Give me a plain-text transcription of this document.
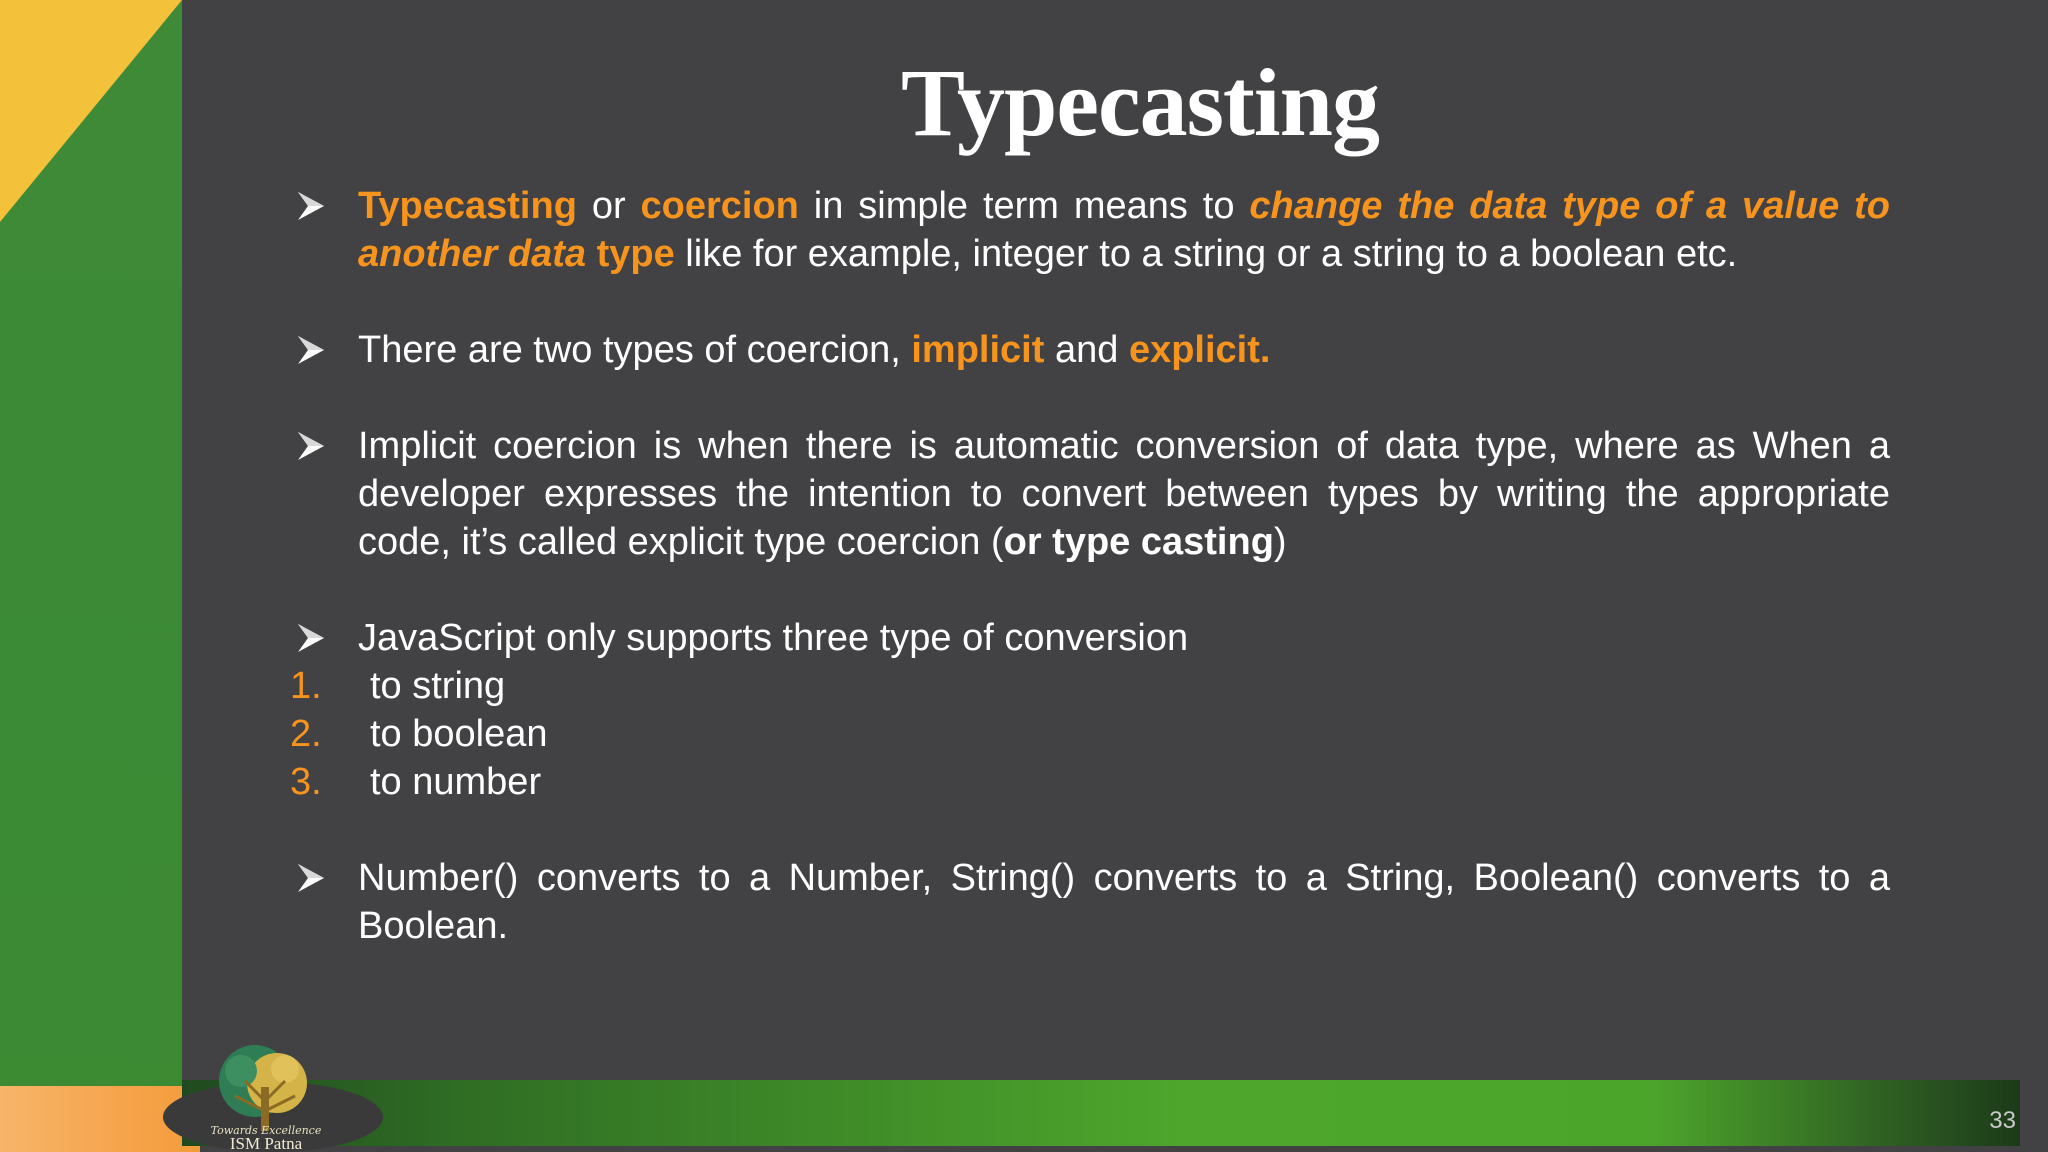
Towards Excellence
ISM Patna
33
Typecasting
Typecasting or coercion in simple term means to change the data type of a value to another data type like for example, integer to a string or a string to a boolean etc.
There are two types of coercion, implicit and explicit.
Implicit coercion is when there is automatic conversion of data type, where as When a developer expresses the intention to convert between types by writing the appropriate code, it’s called explicit type coercion (or type casting)
JavaScript only supports three type of conversion
1. to string
2. to boolean
3. to number
Number() converts to a Number, String() converts to a String, Boolean() converts to a Boolean.
